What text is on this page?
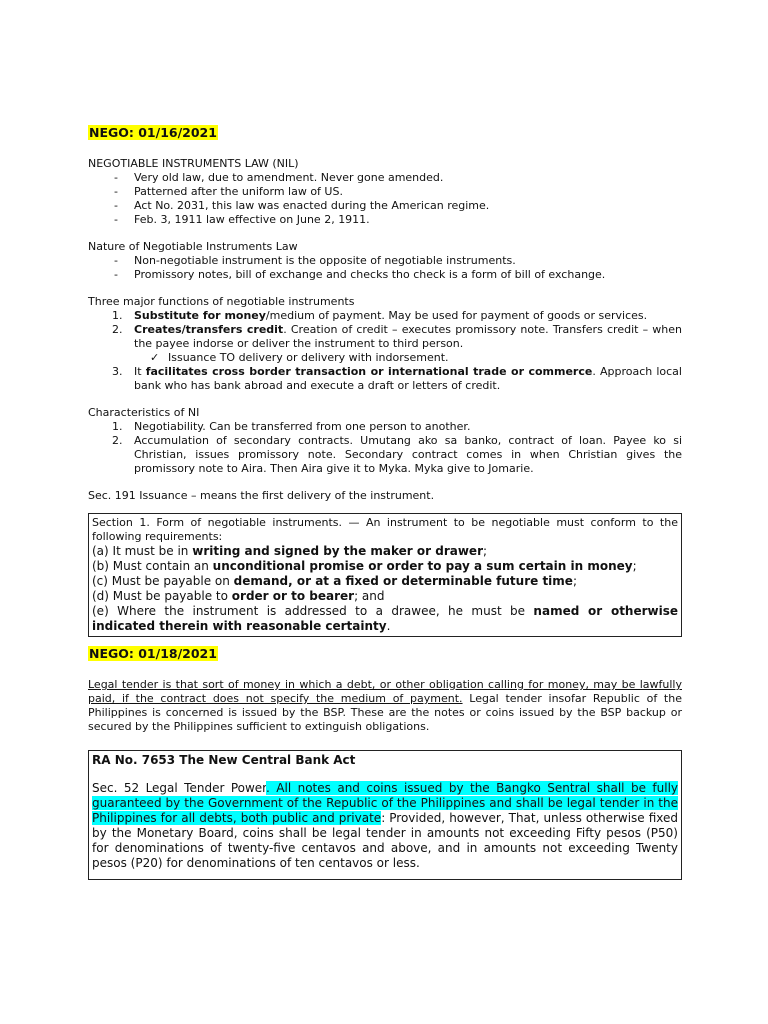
NEGO: 01/16/2021

NEGOTIABLE INSTRUMENTS LAW (NIL)

- Very old law, due to amendment. Never gone amended.
- Patterned after the uniform law of US.
- Act No. 2031, this law was enacted during the American regime.
- Feb. 3, 1911 law effective on June 2, 1911.

Nature of Negotiable Instruments Law

- Non-negotiable instrument is the opposite of negotiable instruments.
- Promissory notes, bill of exchange and checks tho check is a form of bill of exchange.

Three major functions of negotiable instruments

1. Substitute for money/medium of payment. May be used for payment of goods or services.
2. Creates/transfers credit. Creation of credit – executes promissory note. Transfers credit – when the payee indorse or deliver the instrument to third person.
✓ Issuance TO delivery or delivery with indorsement.
3. It facilitates cross border transaction or international trade or commerce. Approach local bank who has bank abroad and execute a draft or letters of credit.

Characteristics of NI

1. Negotiability. Can be transferred from one person to another.
2. Accumulation of secondary contracts. Umutang ako sa banko, contract of loan. Payee ko si Christian, issues promissory note. Secondary contract comes in when Christian gives the promissory note to Aira. Then Aira give it to Myka. Myka give to Jomarie.

Sec. 191 Issuance – means the first delivery of the instrument.

Section 1. Form of negotiable instruments. — An instrument to be negotiable must conform to the following requirements:

(a) It must be in writing and signed by the maker or drawer;

(b) Must contain an unconditional promise or order to pay a sum certain in money;

(c) Must be payable on demand, or at a fixed or determinable future time;

(d) Must be payable to order or to bearer; and

(e) Where the instrument is addressed to a drawee, he must be named or otherwise indicated therein with reasonable certainty.

NEGO: 01/18/2021

Legal tender is that sort of money in which a debt, or other obligation calling for money, may be lawfully paid, if the contract does not specify the medium of payment. Legal tender insofar Republic of the Philippines is concerned is issued by the BSP. These are the notes or coins issued by the BSP backup or secured by the Philippines sufficient to extinguish obligations.

RA No. 7653 The New Central Bank Act

Sec. 52 Legal Tender Power. All notes and coins issued by the Bangko Sentral shall be fully guaranteed by the Government of the Republic of the Philippines and shall be legal tender in the Philippines for all debts, both public and private: Provided, however, That, unless otherwise fixed by the Monetary Board, coins shall be legal tender in amounts not exceeding Fifty pesos (P50) for denominations of twenty-five centavos and above, and in amounts not exceeding Twenty pesos (P20) for denominations of ten centavos or less.
